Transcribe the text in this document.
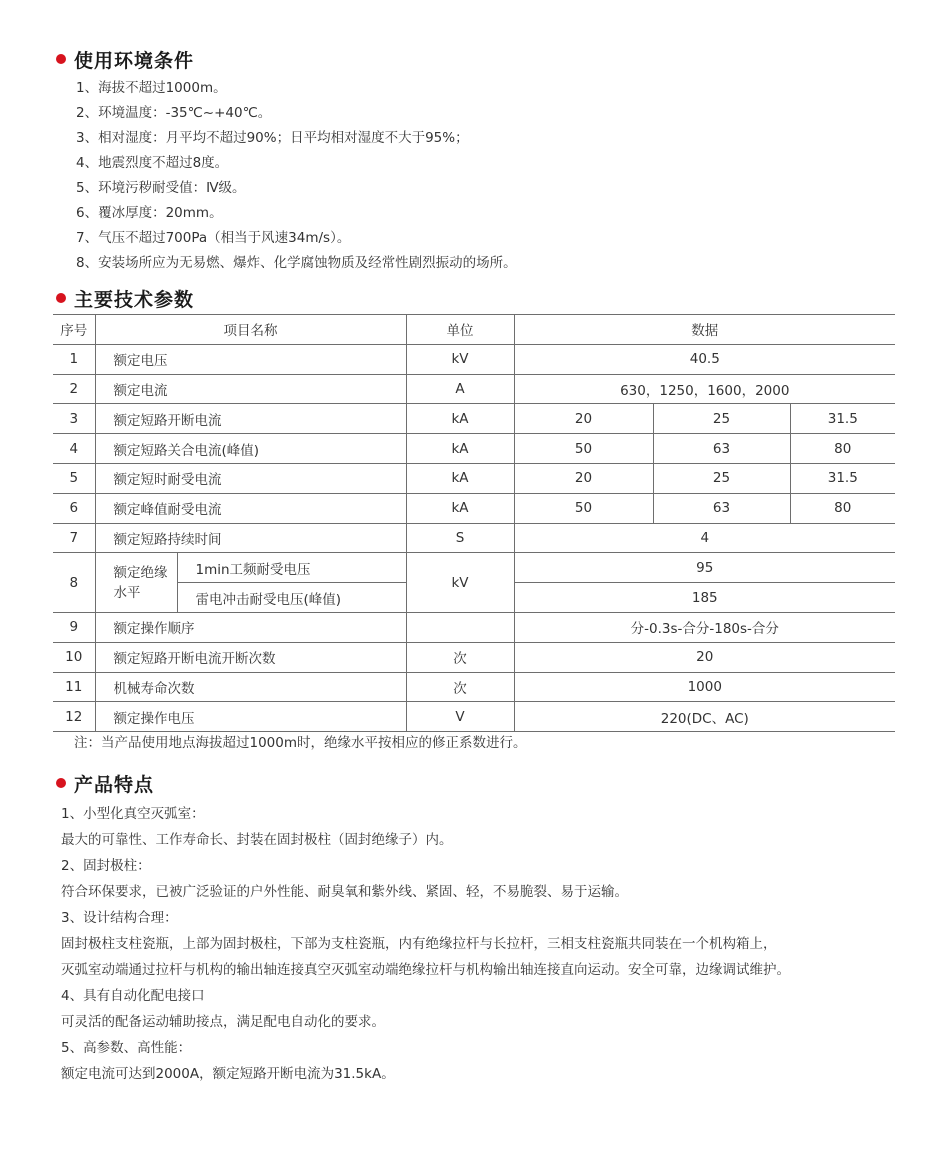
使用环境条件
1、海拔不超过1000m。
2、环境温度：-35℃~+40℃。
3、相对湿度：月平均不超过90%；日平均相对湿度不大于95%；
4、地震烈度不超过8度。
5、环境污秽耐受值：Ⅳ级。
6、覆冰厚度：20mm。
7、气压不超过700Pa（相当于风速34m/s）。
8、安装场所应为无易燃、爆炸、化学腐蚀物质及经常性剧烈振动的场所。
主要技术参数
序号	项目名称		单位	数据		
1	额定电压		kV	40.5		
2	额定电流		A	630，1250，1600，2000		
3	额定短路开断电流		kA	20	25	31.5
4	额定短路关合电流(峰值)		kA	50	63	80
5	额定短时耐受电流		kA	20	25	31.5
6	额定峰值耐受电流		kA	50	63	80
7	额定短路持续时间		S	4		
8	额定绝缘水平	1min工频耐受电压	kV	95		
		雷电冲击耐受电压(峰值)		185		
9	额定操作顺序			分-0.3s-合分-180s-合分		
10	额定短路开断电流开断次数		次	20		
11	机械寿命次数		次	1000		
12	额定操作电压		V	220(DC、AC)		
注：当产品使用地点海拔超过1000m时，绝缘水平按相应的修正系数进行。
产品特点

1、小型化真空灭弧室：

最大的可靠性、工作寿命长、封装在固封极柱（固封绝缘子）内。

2、固封极柱：

符合环保要求，已被广泛验证的户外性能、耐臭氧和紫外线、紧固、轻，不易脆裂、易于运输。

3、设计结构合理：

固封极柱支柱瓷瓶，上部为固封极柱，下部为支柱瓷瓶，内有绝缘拉杆与长拉杆，三相支柱瓷瓶共同装在一个机构箱上，

灭弧室动端通过拉杆与机构的输出轴连接真空灭弧室动端绝缘拉杆与机构输出轴连接直向运动。安全可靠，边缘调试维护。

4、具有自动化配电接口

可灵活的配备运动辅助接点，满足配电自动化的要求。

5、高参数、高性能：

额定电流可达到2000A，额定短路开断电流为31.5kA。
